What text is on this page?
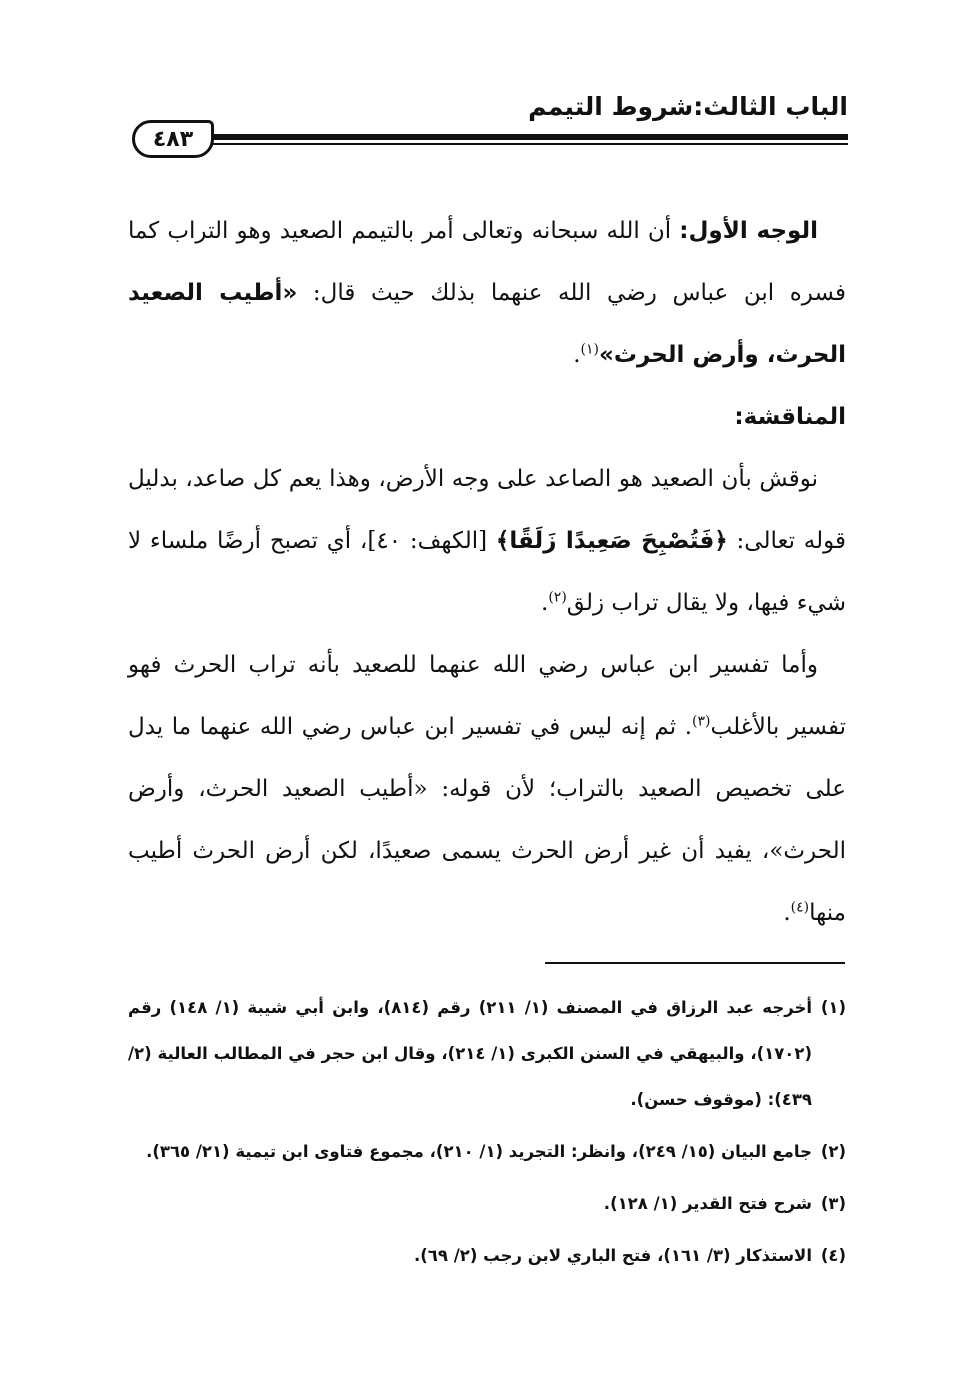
الباب الثالث:شروط التيمم
٤٨٣

الوجه الأول: أن الله سبحانه وتعالى أمر بالتيمم الصعيد وهو التراب كما فسره ابن عباس رضي الله عنهما بذلك حيث قال: «أطيب الصعيد الحرث، وأرض الحرث»$^{(١)}$.

المناقشة:

نوقش بأن الصعيد هو الصاعد على وجه الأرض، وهذا يعم كل صاعد، بدليل قوله تعالى: ﴿فَتُصْبِحَ صَعِيدًا زَلَقًا﴾ [الكهف: ٤٠]، أي تصبح أرضًا ملساء لا شيء فيها، ولا يقال تراب زلق$^{(٢)}$.

وأما تفسير ابن عباس رضي الله عنهما للصعيد بأنه تراب الحرث فهو تفسير بالأغلب$^{(٣)}$. ثم إنه ليس في تفسير ابن عباس رضي الله عنهما ما يدل على تخصيص الصعيد بالتراب؛ لأن قوله: «أطيب الصعيد الحرث، وأرض الحرث»، يفيد أن غير أرض الحرث يسمى صعيدًا، لكن أرض الحرث أطيب منها$^{(٤)}$.

(١)
أخرجه عبد الرزاق في المصنف (١/ ٢١١) رقم (٨١٤)، وابن أبي شيبة (١/ ١٤٨) رقم (١٧٠٢)، والبيهقي في السنن الكبرى (١/ ٢١٤)، وقال ابن حجر في المطالب العالية (٢/ ٤٣٩): (موقوف حسن).
(٢)
جامع البيان (١٥/ ٢٤٩)، وانظر: التجريد (١/ ٢١٠)، مجموع فتاوى ابن تيمية (٢١/ ٣٦٥).
(٣)
شرح فتح القدير (١/ ١٢٨).
(٤)
الاستذكار (٣/ ١٦١)، فتح الباري لابن رجب (٢/ ٦٩).
